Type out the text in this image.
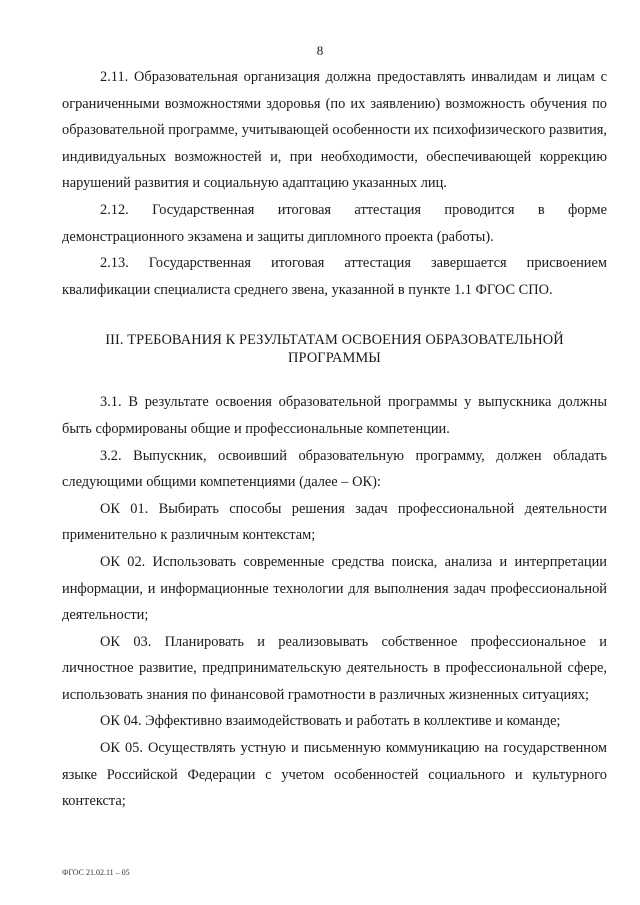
8

2.11. Образовательная организация должна предоставлять инвалидам и лицам с ограниченными возможностями здоровья (по их заявлению) возможность обучения по образовательной программе, учитывающей особенности их психофизического развития, индивидуальных возможностей и, при необходимости, обеспечивающей коррекцию нарушений развития и социальную адаптацию указанных лиц.

2.12. Государственная итоговая аттестация проводится в форме демонстрационного экзамена и защиты дипломного проекта (работы).

2.13. Государственная итоговая аттестация завершается присвоением квалификации специалиста среднего звена, указанной в пункте 1.1 ФГОС СПО.

III. ТРЕБОВАНИЯ К РЕЗУЛЬТАТАМ ОСВОЕНИЯ ОБРАЗОВАТЕЛЬНОЙ
ПРОГРАММЫ

3.1. В результате освоения образовательной программы у выпускника должны быть сформированы общие и профессиональные компетенции.

3.2. Выпускник, освоивший образовательную программу, должен обладать следующими общими компетенциями (далее – ОК):

ОК 01. Выбирать способы решения задач профессиональной деятельности применительно к различным контекстам;

ОК 02. Использовать современные средства поиска, анализа и интерпретации информации, и информационные технологии для выполнения задач профессиональной деятельности;

ОК 03. Планировать и реализовывать собственное профессиональное и личностное развитие, предпринимательскую деятельность в профессиональной сфере, использовать знания по финансовой грамотности в различных жизненных ситуациях;

ОК 04. Эффективно взаимодействовать и работать в коллективе и команде;

ОК 05. Осуществлять устную и письменную коммуникацию на государственном языке Российской Федерации с учетом особенностей социального и культурного контекста;

ФГОС 21.02.11 – 05
